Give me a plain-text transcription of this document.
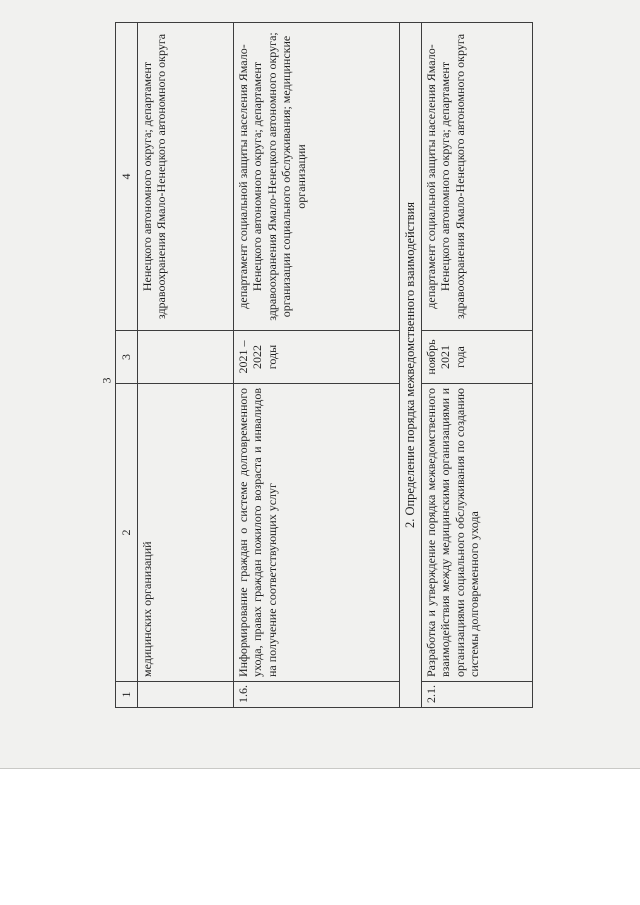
3
1	2	3	4
	медицинских организаций		Ненецкого автономного округа; департамент здравоохранения Ямало-Ненецкого автономного округа
1.6.	Информирование граждан о системе долговременного ухода, правах граждан пожилого возраста и инвалидов на получение соответствующих услуг	2021 – 2022 годы	департамент социальной защиты населения Ямало-Ненецкого автономного округа; департамент здравоохранения Ямало-Ненецкого автономного округа; организации социального обслуживания; медицинские организации
2. Определение порядка межведомственного взаимодействия			
2.1.	Разработка и утверждение порядка межведомственного взаимодействия между медицинскими организациями и организациями социального обслуживания по созданию системы долговременного ухода	ноябрь 2021 года	департамент социальной защиты населения Ямало-Ненецкого автономного округа; департамент здравоохранения Ямало-Ненецкого автономного округа
